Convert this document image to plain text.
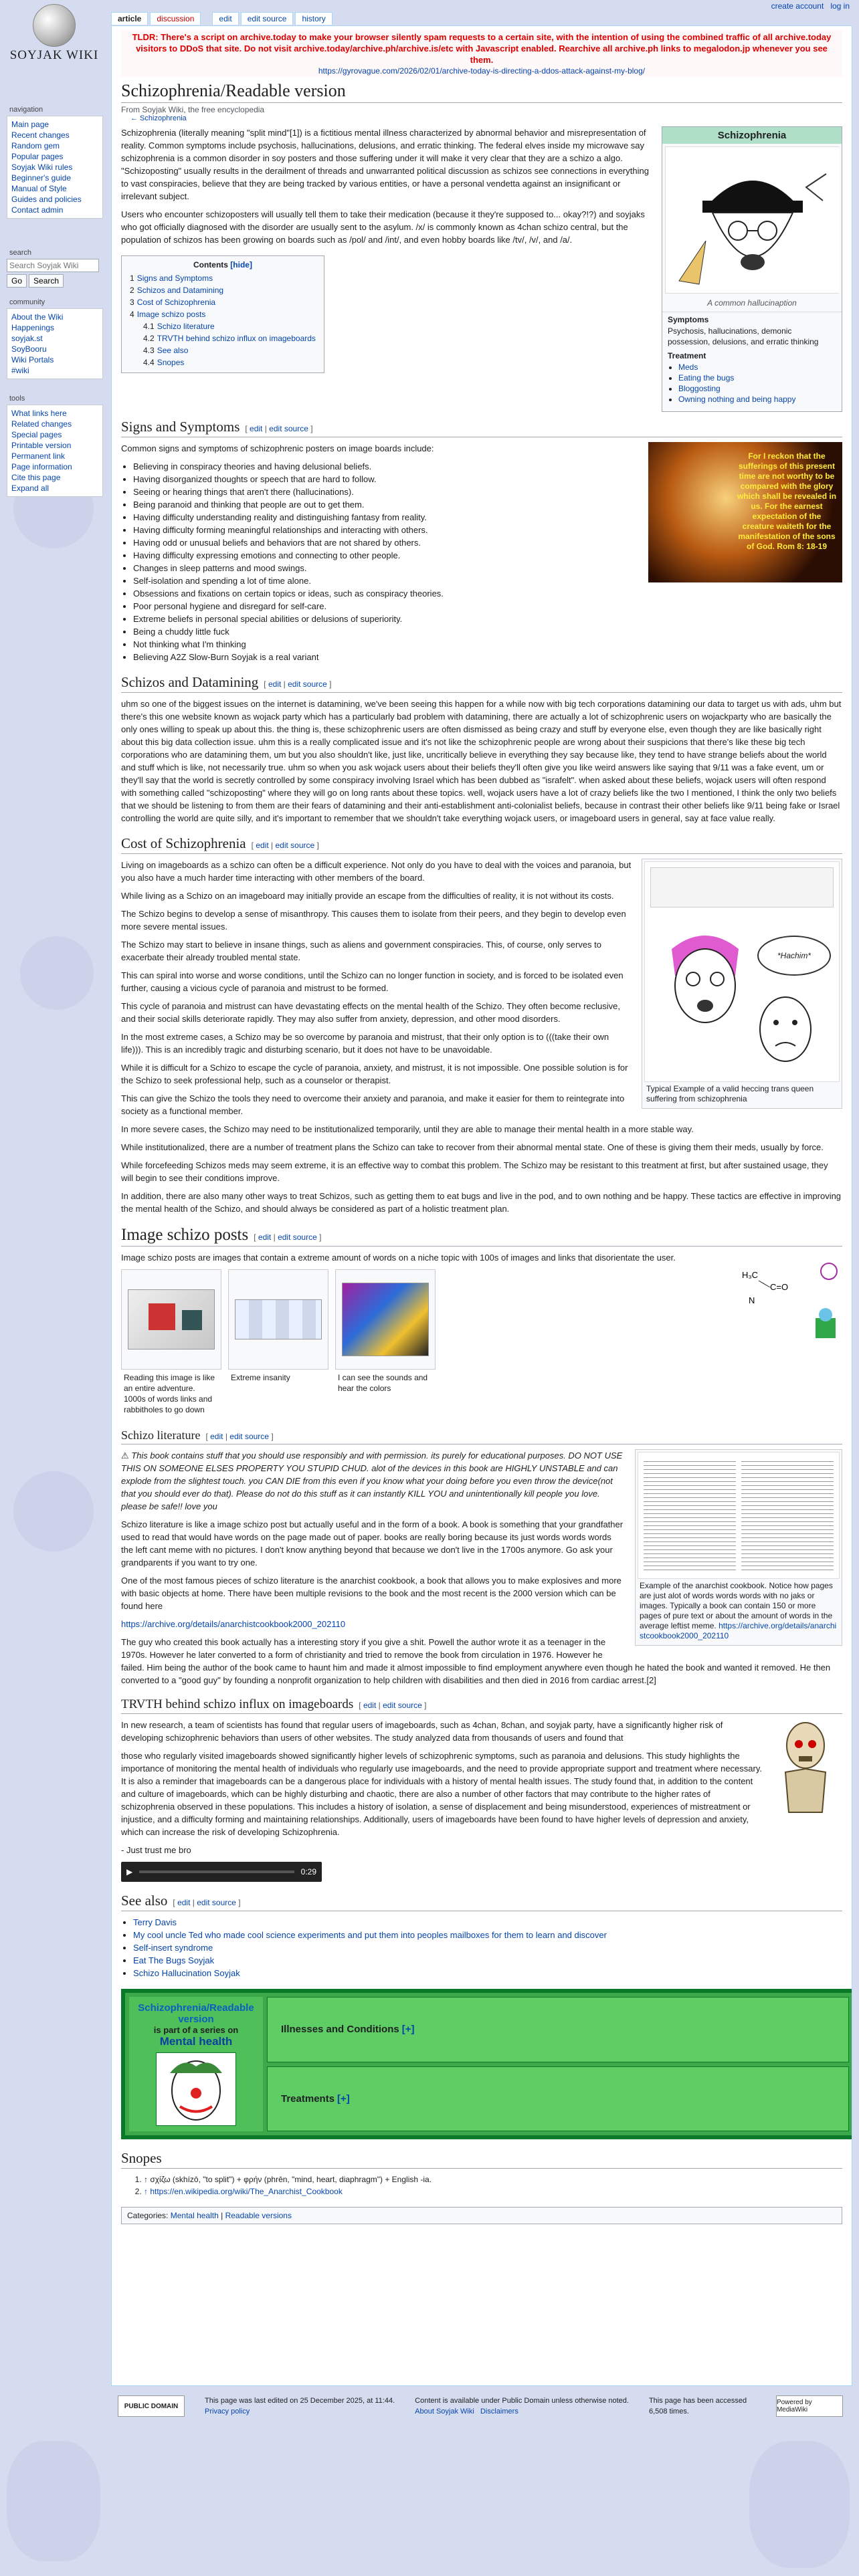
SOYJAK WIKI
create account log in
navigation
Main page
Recent changes
Random gem
Popular pages
Soyjak Wiki rules
Beginner's guide
Manual of Style
Guides and policies
Contact admin
search
Search Soyjak Wiki
Go	Search
community
About the Wiki
Happenings
soyjak.st
SoyBooru
Wiki Portals
#wiki
tools
What links here
Related changes
Special pages
Printable version
Permanent link
Page information
Cite this page
Expand all
article	discussion	edit	edit source	history
TLDR: There's a script on archive.today to make your browser silently spam requests to a certain site, with the intention of using the combined traffic of all archive.today visitors to DDoS that site. Do not visit archive.today/archive.ph/archive.is/etc with Javascript enabled. Rearchive all archive.ph links to megalodon.jp whenever you see them.
https://gyrovague.com/2026/02/01/archive-today-is-directing-a-ddos-attack-against-my-blog/
Schizophrenia/Readable version
From Soyjak Wiki, the free encyclopedia
← Schizophrenia
Schizophrenia
A common hallucinaption
Symptoms
Psychosis, hallucinations, demonic possession, delusions, and erratic thinking
Treatment
• Meds
• Eating the bugs
• Bloggosting
• Owning nothing and being happy

Schizophrenia (literally meaning "split mind"[1]) is a fictitious mental illness characterized by abnormal behavior and misrepresentation of reality. Common symptoms include psychosis, hallucinations, delusions, and erratic thinking. The federal elves inside my microwave say schizophrenia is a common disorder in soy posters and those suffering under it will make it very clear that they are a schizo a algo. "Schizoposting" usually results in the derailment of threads and unwarranted political discussion as schizos see connections in everything to vast conspiracies, believe that they are being tracked by various entities, or have a personal vendetta against an insignificant or irrelevant subject.

Users who encounter schizoposters will usually tell them to take their medication (because it they're supposed to... okay?!?) and soyjaks who got officially diagnosed with the disorder are usually sent to the asylum. /x/ is commonly known as 4chan schizo central, but the population of schizos has been growing on boards such as /pol/ and /int/, and even hobby boards like /tv/, /v/, and /a/.

Contents [hide]
1 Signs and Symptoms
2 Schizos and Datamining
3 Cost of Schizophrenia
4 Image schizo posts
4.1 Schizo literature
4.2 TRVTH behind schizo influx on imageboards
4.3 See also
4.4 Snopes
Signs and Symptoms [ edit | edit source ]
For I reckon that the sufferings of this present time are not worthy to be compared with the glory which shall be revealed in us. For the earnest expectation of the creature waiteth for the manifestation of the sons of God. Rom 8: 18-19

Common signs and symptoms of schizophrenic posters on image boards include:

• Believing in conspiracy theories and having delusional beliefs.
• Having disorganized thoughts or speech that are hard to follow.
• Seeing or hearing things that aren't there (hallucinations).
• Being paranoid and thinking that people are out to get them.
• Having difficulty understanding reality and distinguishing fantasy from reality.
• Having difficulty forming meaningful relationships and interacting with others.
• Having odd or unusual beliefs and behaviors that are not shared by others.
• Having difficulty expressing emotions and connecting to other people.
• Changes in sleep patterns and mood swings.
• Self-isolation and spending a lot of time alone.
• Obsessions and fixations on certain topics or ideas, such as conspiracy theories.
• Poor personal hygiene and disregard for self-care.
• Extreme beliefs in personal special abilities or delusions of superiority.
• Being a chuddy little fuck
• Not thinking what I'm thinking
• Believing A2Z Slow-Burn Soyjak is a real variant
Schizos and Datamining [ edit | edit source ]

uhm so one of the biggest issues on the internet is datamining, we've been seeing this happen for a while now with big tech corporations datamining our data to target us with ads, uhm but there's this one website known as wojack party which has a particularly bad problem with datamining, there are actually a lot of schizophrenic users on wojackparty who are basically the only ones willing to speak up about this. the thing is, these schizophrenic users are often dismissed as being crazy and stuff by everyone else, even though they are like basically right about this big data collection issue. uhm this is a really complicated issue and it's not like the schizophrenic people are wrong about their suspicions that there's like these big tech corporations who are datamining them, um but you also shouldn't like, just like, uncritically believe in everything they say because like, they tend to have strange beliefs about the world and stuff which is like, not necessarily true. uhm so when you ask wojack users about their beliefs they'll often give you like weird answers like saying that 9/11 was a fake event, um or they'll say that the world is secretly controlled by some conspiracy involving Israel which has been dubbed as "israfelt". when asked about these beliefs, wojack users will often respond with something called "schizoposting" where they will go on long rants about these topics. well, wojack users have a lot of crazy beliefs like the two I mentioned, I think the only two beliefs that we should be listening to from them are their fears of datamining and their anti-establishment anti-colonialist beliefs, because in contrast their other beliefs like 9/11 being fake or Israel controlling the world are quite silly, and it's important to remember that we shouldn't take everything wojack users, or imageboard users in general, say at face value really.

Cost of Schizophrenia [ edit | edit source ]
*Hachim*
Typical Example of a valid heccing trans queen suffering from schizophrenia

Living on imageboards as a schizo can often be a difficult experience. Not only do you have to deal with the voices and paranoia, but you also have a much harder time interacting with other members of the board.

While living as a Schizo on an imageboard may initially provide an escape from the difficulties of reality, it is not without its costs.

The Schizo begins to develop a sense of misanthropy. This causes them to isolate from their peers, and they begin to develop even more severe mental issues.

The Schizo may start to believe in insane things, such as aliens and government conspiracies. This, of course, only serves to exacerbate their already troubled mental state.

This can spiral into worse and worse conditions, until the Schizo can no longer function in society, and is forced to be isolated even further, causing a vicious cycle of paranoia and mistrust to be formed.

This cycle of paranoia and mistrust can have devastating effects on the mental health of the Schizo. They often become reclusive, and their social skills deteriorate rapidly. They may also suffer from anxiety, depression, and other mood disorders.

In the most extreme cases, a Schizo may be so overcome by paranoia and mistrust, that their only option is to (((take their own life))). This is an incredibly tragic and disturbing scenario, but it does not have to be unavoidable.

While it is difficult for a Schizo to escape the cycle of paranoia, anxiety, and mistrust, it is not impossible. One possible solution is for the Schizo to seek professional help, such as a counselor or therapist.

This can give the Schizo the tools they need to overcome their anxiety and paranoia, and make it easier for them to reintegrate into society as a functional member.

In more severe cases, the Schizo may need to be institutionalized temporarily, until they are able to manage their mental health in a more stable way.

While institutionalized, there are a number of treatment plans the Schizo can take to recover from their abnormal mental state. One of these is giving them their meds, usually by force.

While forcefeeding Schizos meds may seem extreme, it is an effective way to combat this problem. The Schizo may be resistant to this treatment at first, but after sustained usage, they will begin to see their conditions improve.

In addition, there are also many other ways to treat Schizos, such as getting them to eat bugs and live in the pod, and to own nothing and be happy. These tactics are effective in improving the mental health of the Schizo, and should always be considered as part of a holistic treatment plan.

Image schizo posts [ edit | edit source ]
H₃C
C=O
N

Image schizo posts are images that contain a extreme amount of words on a niche topic with 100s of images and links that disorientate the user.

Reading this image is like an entire adventure. 1000s of words links and rabbitholes to go down
Extreme insanity	I can see the sounds and hear the colors
Schizo literature [ edit | edit source ]
Example of the anarchist cookbook. Notice how pages are just alot of words words words with no jaks or images. Typically a book can contain 150 or more pages of pure text or about the amount of words in the average leftist meme. https://archive.org/details/anarchistcookbook2000_202110
⚠ This book contains stuff that you should use responsibly and with permission. its purely for educational purposes. DO NOT USE THIS ON SOMEONE ELSES PROPERTY YOU STUPID CHUD. alot of the devices in this book are HIGHLY UNSTABLE and can explode from the slightest touch. you CAN DIE from this even if you know what your doing before you even throw the device(not that you should ever do that). Please do not do this stuff as it can instantly KILL YOU and unintentionally kill people you love. please be safe!! love you

Schizo literature is like a image schizo post but actually useful and in the form of a book. A book is something that your grandfather used to read that would have words on the page made out of paper. books are really boring because its just words words words the left cant meme with no pictures. I don't know anything beyond that because we don't live in the 1700s anymore. Go ask your grandparents if you want to try one.

One of the most famous pieces of schizo literature is the anarchist cookbook, a book that allows you to make explosives and more with basic objects at home. There have been multiple revisions to the book and the most recent is the 2000 version which can be found here

https://archive.org/details/anarchistcookbook2000_202110

The guy who created this book actually has a interesting story if you give a shit. Powell the author wrote it as a teenager in the 1970s. However he later converted to a form of christianity and tried to remove the book from circulation in 1976. However he failed. Him being the author of the book came to haunt him and made it almost impossible to find employment anywhere even though he hated the book and wanted it removed. He then converted to a "good guy" by founding a nonprofit organization to help children with disabilities and then died in 2016 from cardiac arrest.[2]

TRVTH behind schizo influx on imageboards [ edit | edit source ]

In new research, a team of scientists has found that regular users of imageboards, such as 4chan, 8chan, and soyjak party, have a significantly higher risk of developing schizophrenic behaviors than users of other websites. The study analyzed data from thousands of users and found that

those who regularly visited imageboards showed significantly higher levels of schizophrenic symptoms, such as paranoia and delusions. This study highlights the importance of monitoring the mental health of individuals who regularly use imageboards, and the need to provide appropriate support and treatment where necessary. It is also a reminder that imageboards can be a dangerous place for individuals with a history of mental health issues. The study found that, in addition to the content and culture of imageboards, which can be highly disturbing and chaotic, there are also a number of other factors that may contribute to the higher rates of schizophrenia observed in these populations. This includes a history of isolation, a sense of displacement and being misunderstood, experiences of mistreatment or injustice, and a difficulty forming and maintaining relationships. Additionally, users of imageboards have been found to have higher levels of depression and anxiety, which can increase the risk of developing Schizophrenia.

- Just trust me bro

▶	0:29
See also [ edit | edit source ]
• Terry Davis
• My cool uncle Ted who made cool science experiments and put them into peoples mailboxes for them to learn and discover
• Self-insert syndrome
• Eat The Bugs Soyjak
• Schizo Hallucination Soyjak
Schizophrenia/Readable version
is part of a series on
Mental health
Illnesses and Conditions [+]
Treatments [+]
Snopes
1. ↑ σχίζω (skhízō, "to split") + φρήν (phrēn, "mind, heart, diaphragm") + English -ia.
2. ↑ https://en.wikipedia.org/wiki/The_Anarchist_Cookbook
Categories: Mental health | Readable versions
PUBLIC DOMAIN
This page was last edited on 25 December 2025, at 11:44.
Privacy policy
Content is available under Public Domain unless otherwise noted.
About Soyjak Wiki Disclaimers
This page has been accessed 6,508 times.
Powered by MediaWiki
